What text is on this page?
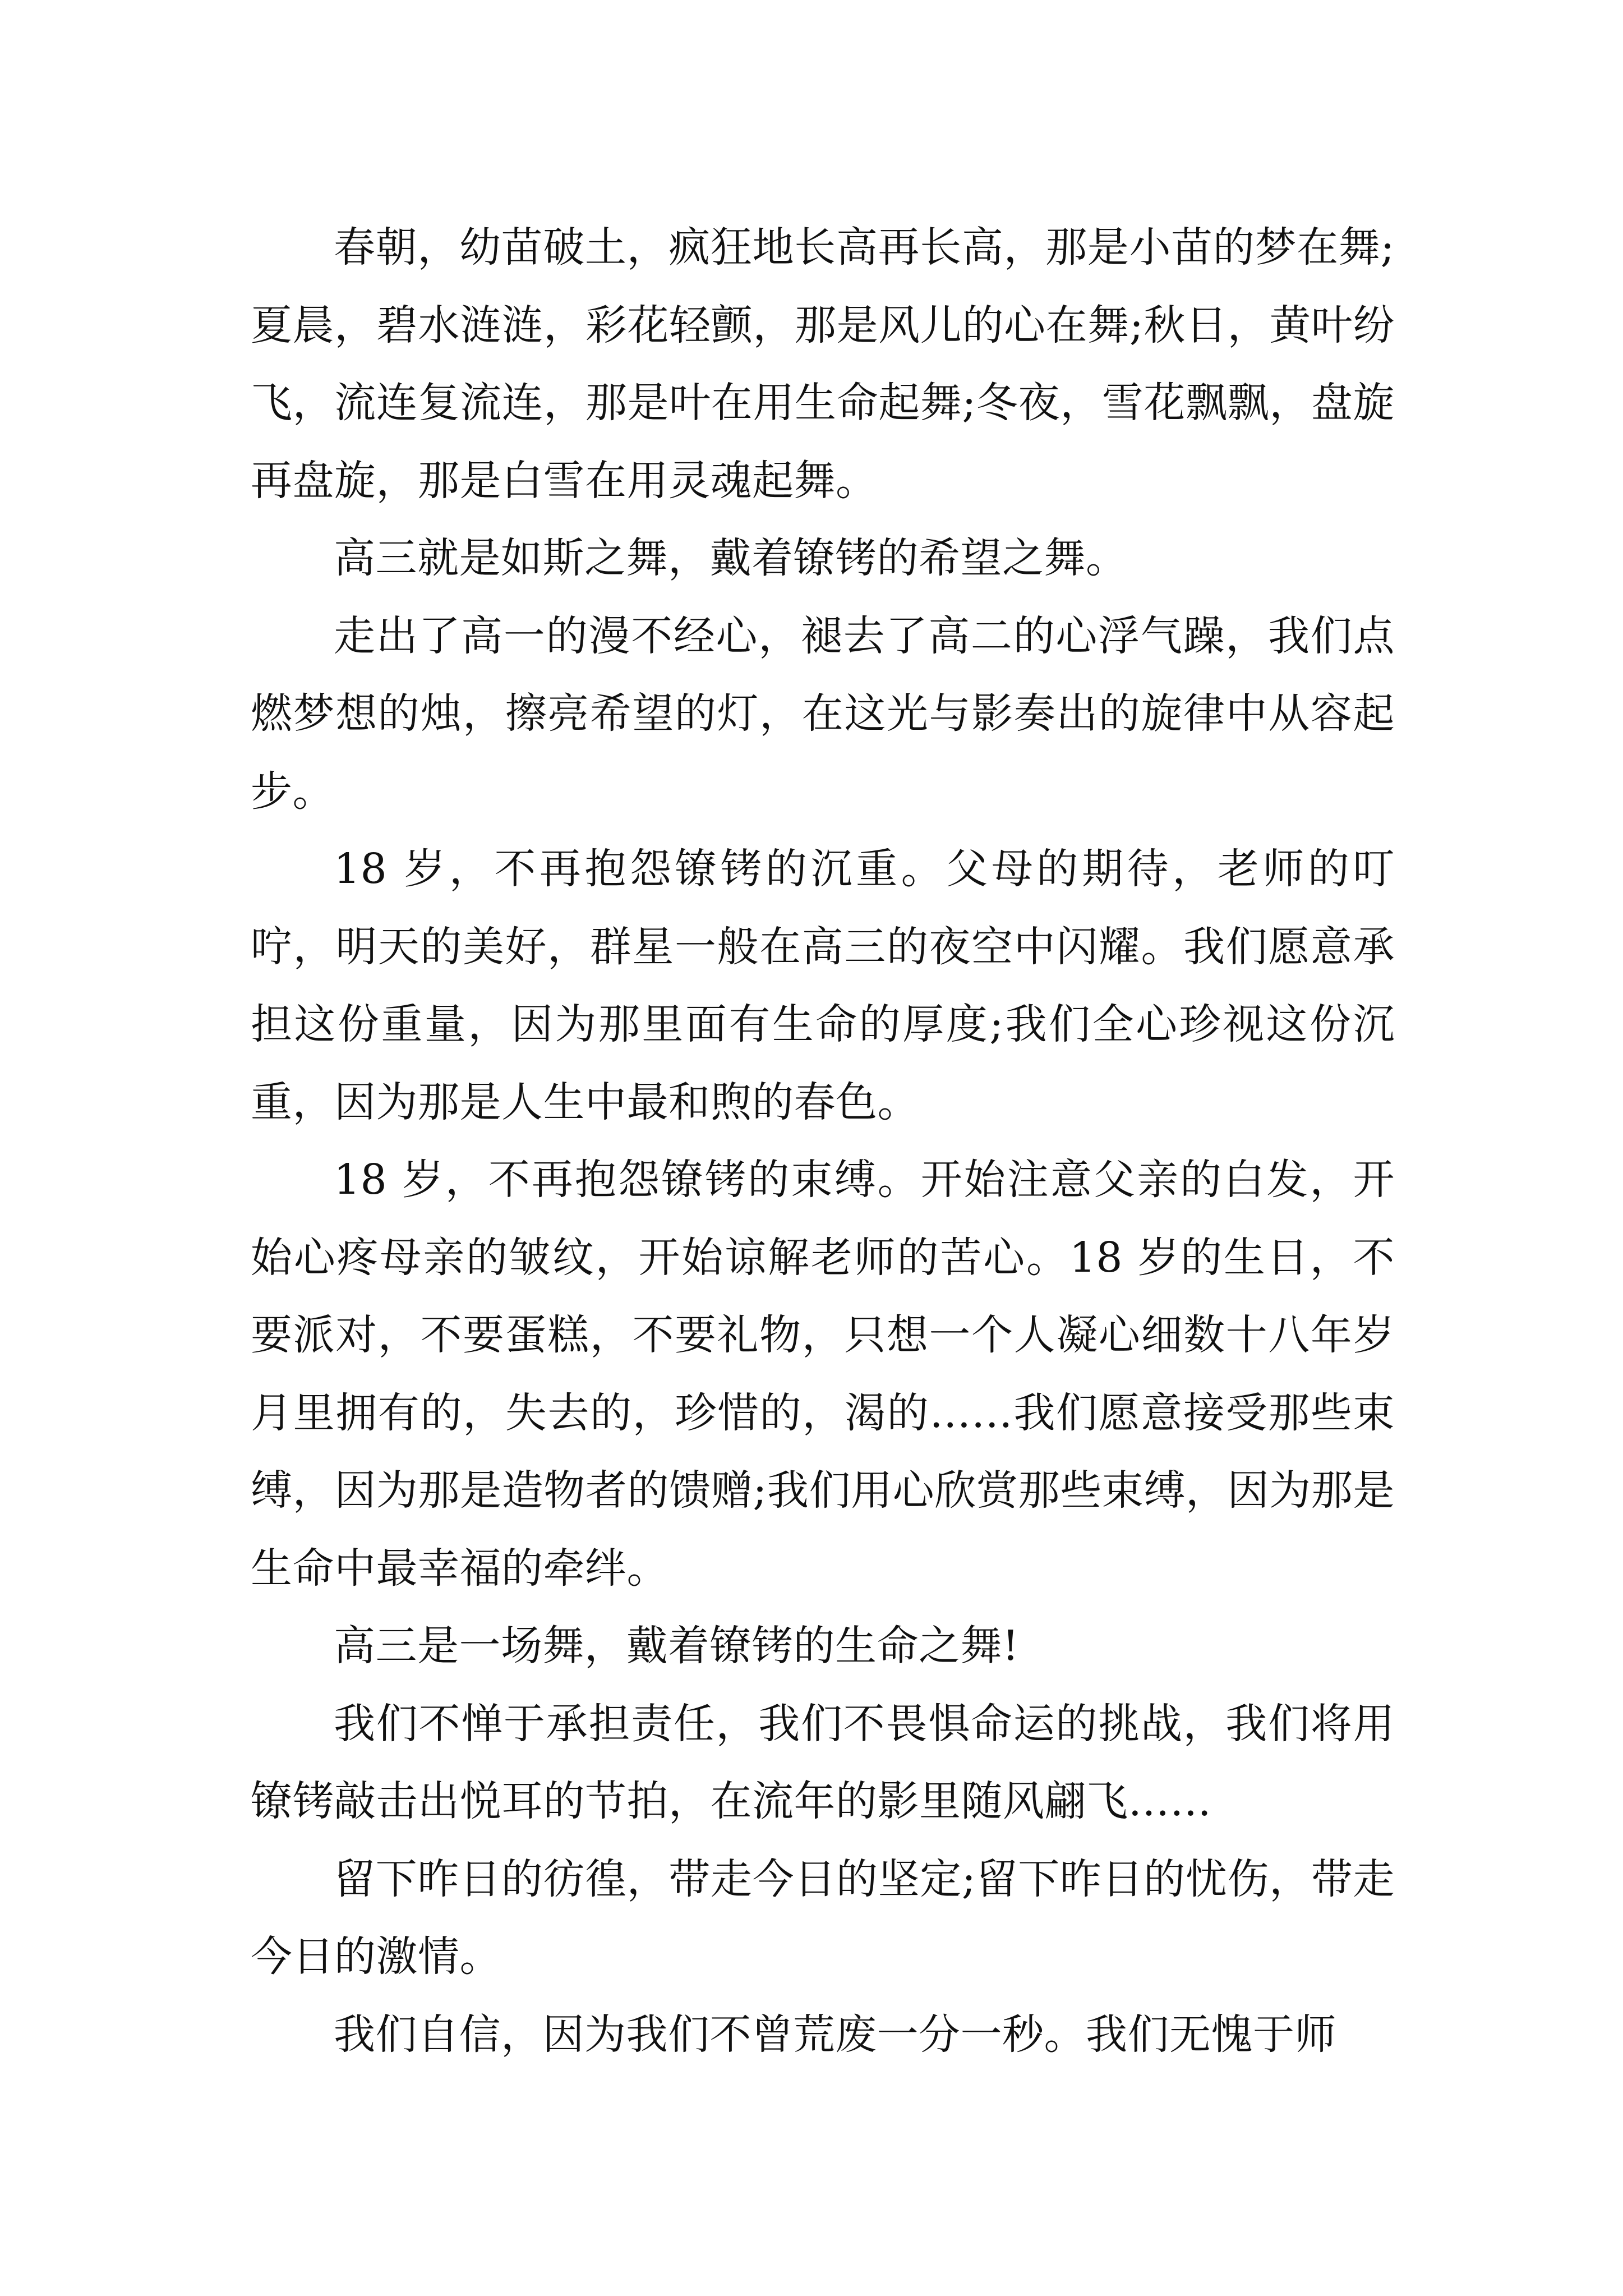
春朝，幼苗破土，疯狂地长高再长高，那是小苗的梦在舞;夏晨，碧水涟涟，彩花轻颤，那是风儿的心在舞;秋日，黄叶纷飞，流连复流连，那是叶在用生命起舞;冬夜，雪花飘飘，盘旋再盘旋，那是白雪在用灵魂起舞。

高三就是如斯之舞，戴着镣铐的希望之舞。

走出了高一的漫不经心，褪去了高二的心浮气躁，我们点燃梦想的烛，擦亮希望的灯，在这光与影奏出的旋律中从容起步。

18 岁，不再抱怨镣铐的沉重。父母的期待，老师的叮咛，明天的美好，群星一般在高三的夜空中闪耀。我们愿意承担这份重量，因为那里面有生命的厚度;我们全心珍视这份沉重，因为那是人生中最和煦的春色。

18 岁，不再抱怨镣铐的束缚。开始注意父亲的白发，开始心疼母亲的皱纹，开始谅解老师的苦心。18 岁的生日，不要派对，不要蛋糕，不要礼物，只想一个人凝心细数十八年岁月里拥有的，失去的，珍惜的，渴的……我们愿意接受那些束缚，因为那是造物者的馈赠;我们用心欣赏那些束缚，因为那是生命中最幸福的牵绊。

高三是一场舞，戴着镣铐的生命之舞!

我们不惮于承担责任，我们不畏惧命运的挑战，我们将用镣铐敲击出悦耳的节拍，在流年的影里随风翩飞……

留下昨日的彷徨，带走今日的坚定;留下昨日的忧伤，带走今日的激情。

我们自信，因为我们不曾荒废一分一秒。我们无愧于师
